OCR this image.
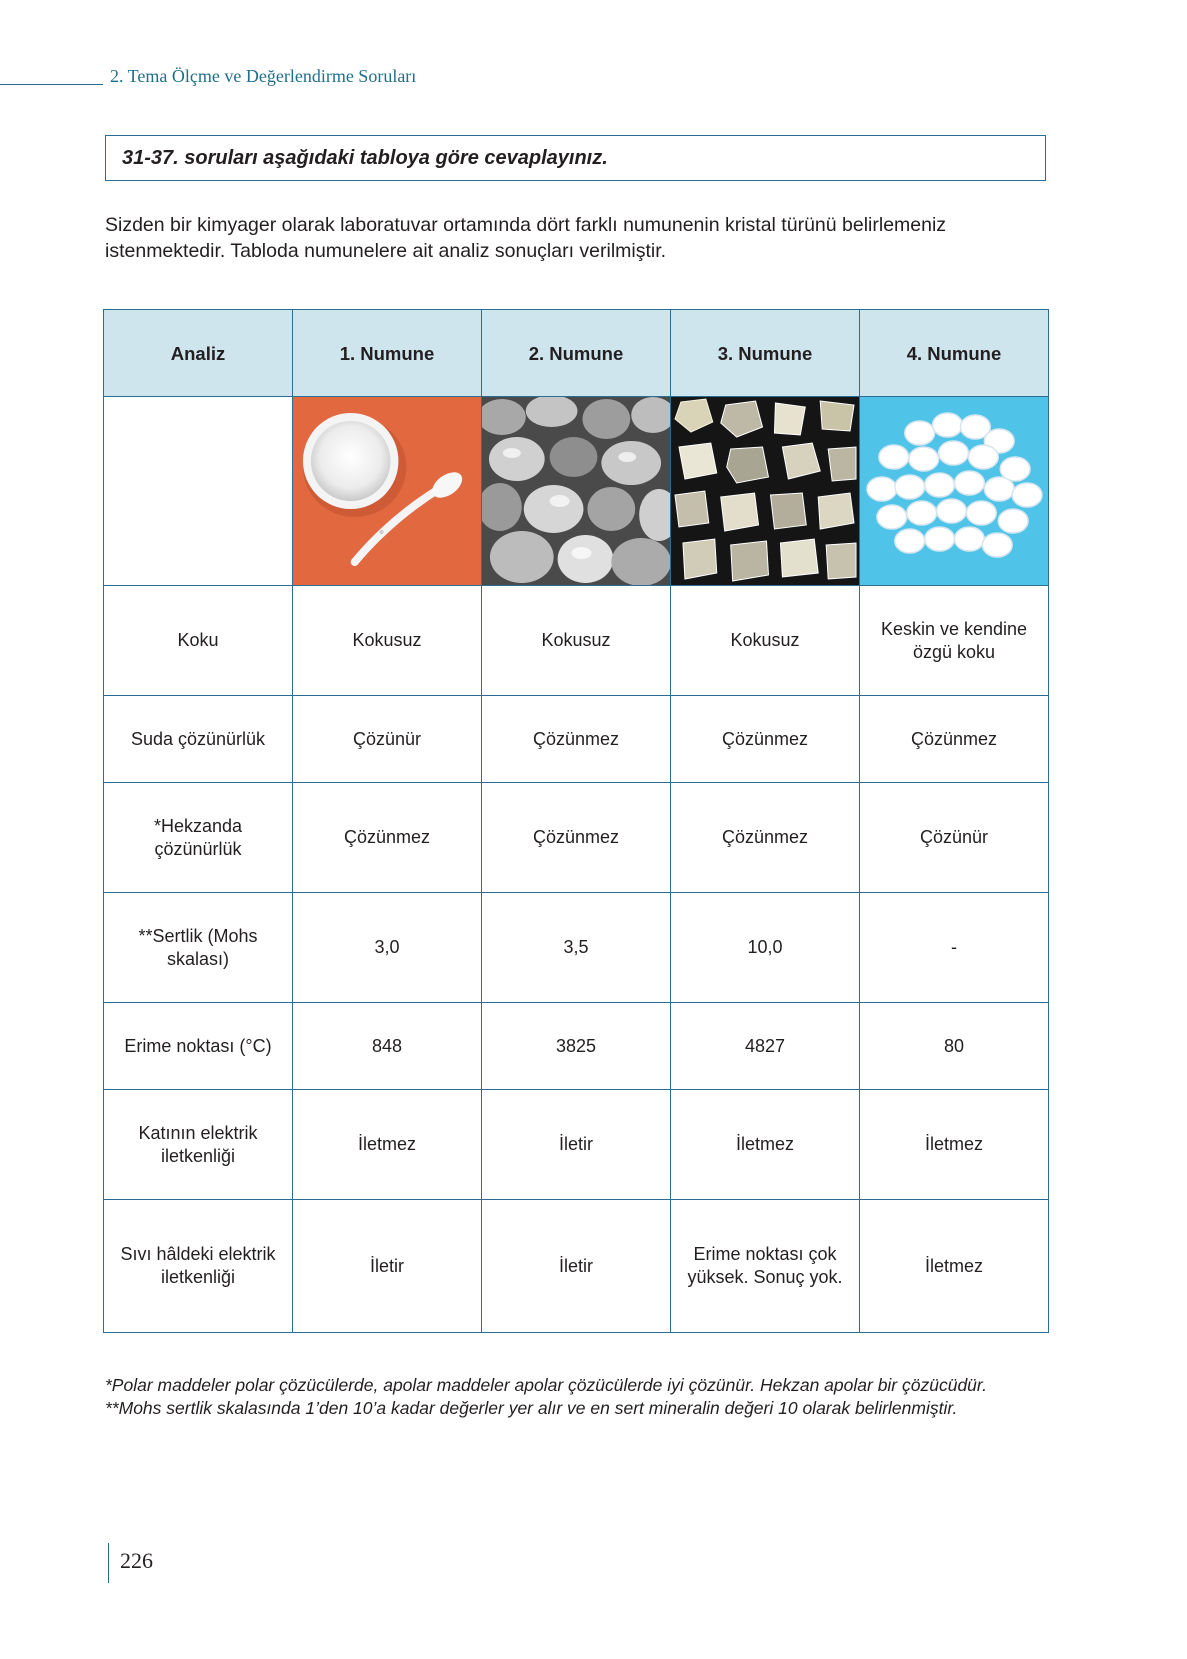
2. Tema Ölçme ve Değerlendirme Soruları
31-37. soruları aşağıdaki tabloya göre cevaplayınız.
Sizden bir kimyager olarak laboratuvar ortamında dört farklı numunenin kristal türünü belirlemeniz istenmektedir. Tabloda numunelere ait analiz sonuçları verilmiştir.
Analiz	1. Numune	2. Numune	3. Numune	4. Numune

Koku	Kokusuz	Kokusuz	Kokusuz	Keskin ve kendine özgü koku
Suda çözünürlük	Çözünür	Çözünmez	Çözünmez	Çözünmez
*Hekzanda çözünürlük	Çözünmez	Çözünmez	Çözünmez	Çözünür
**Sertlik (Mohs skalası)	3,0	3,5	10,0	-
Erime noktası (°C)	848	3825	4827	80
Katının elektrik iletkenliği	İletmez	İletir	İletmez	İletmez
Sıvı hâldeki elektrik iletkenliği	İletir	İletir	Erime noktası çok yüksek. Sonuç yok.	İletmez
*Polar maddeler polar çözücülerde, apolar maddeler apolar çözücülerde iyi çözünür. Hekzan apolar bir çözücüdür.
**Mohs sertlik skalasında 1’den 10’a kadar değerler yer alır ve en sert mineralin değeri 10 olarak belirlenmiştir.
226
